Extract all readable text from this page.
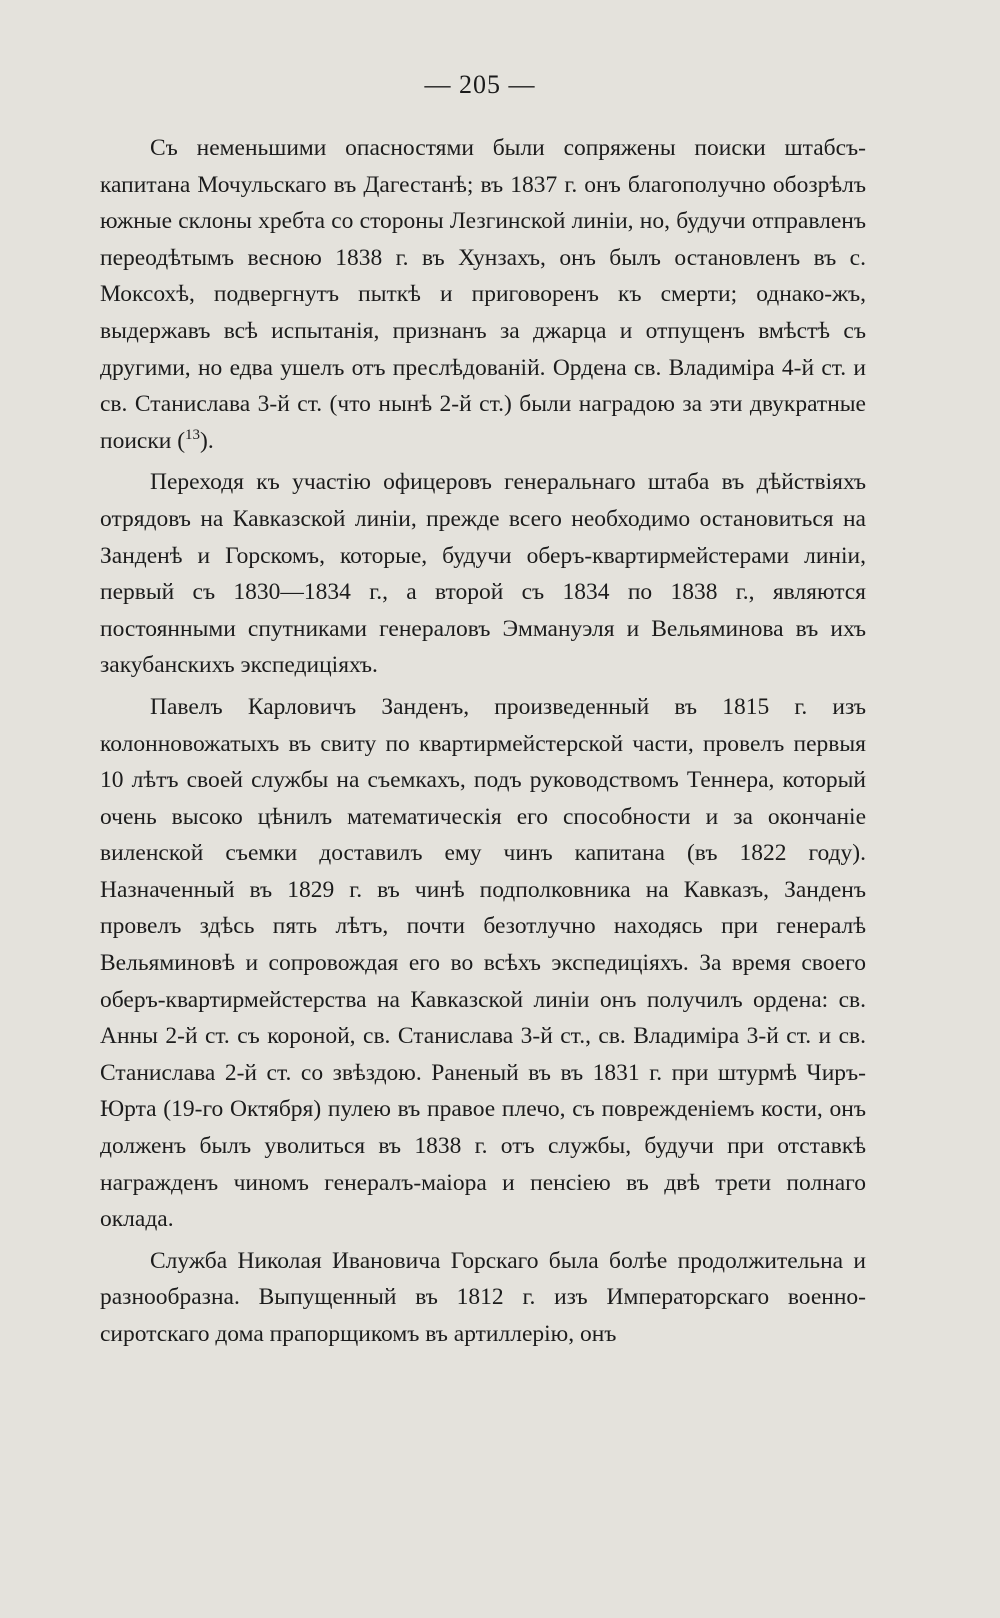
— 205 —

Съ неменьшими опасностями были сопряжены поиски штабсъ-капитана Мочульскаго въ Дагестанѣ; въ 1837 г. онъ благополучно обозрѣлъ южные склоны хребта со стороны Лезгинской линіи, но, будучи отправленъ переодѣтымъ весною 1838 г. въ Хунзахъ, онъ былъ остановленъ въ с. Моксохѣ, подвергнутъ пыткѣ и приговоренъ къ смерти; однако-жъ, выдержавъ всѣ испытанія, признанъ за джарца и отпущенъ вмѣстѣ съ другими, но едва ушелъ отъ преслѣдованій. Ордена св. Владиміра 4-й ст. и св. Станислава 3-й ст. (что нынѣ 2-й ст.) были наградою за эти двукратные поиски ($^{13}$).

Переходя къ участію офицеровъ генеральнаго штаба въ дѣйствіяхъ отрядовъ на Кавказской линіи, прежде всего необходимо остановиться на Занденѣ и Горскомъ, которые, будучи оберъ-квартирмейстерами линіи, первый съ 1830—1834 г., а второй съ 1834 по 1838 г., являются постоянными спутниками генераловъ Эммануэля и Вельяминова въ ихъ закубанскихъ экспедиціяхъ.

Павелъ Карловичъ Занденъ, произведенный въ 1815 г. изъ колонновожатыхъ въ свиту по квартирмейстерской части, провелъ первыя 10 лѣтъ своей службы на съемкахъ, подъ руководствомъ Теннера, который очень высоко цѣнилъ математическія его способности и за окончаніе виленской съемки доставилъ ему чинъ капитана (въ 1822 году). Назначенный въ 1829 г. въ чинѣ подполковника на Кавказъ, Занденъ провелъ здѣсь пять лѣтъ, почти безотлучно находясь при генералѣ Вельяминовѣ и сопровождая его во всѣхъ экспедиціяхъ. За время своего оберъ-квартирмейстерства на Кавказской линіи онъ получилъ ордена: св. Анны 2-й ст. съ короной, св. Станислава 3-й ст., св. Владиміра 3-й ст. и св. Станислава 2-й ст. со звѣздою. Раненый въ въ 1831 г. при штурмѣ Чиръ-Юрта (19-го Октября) пулею въ правое плечо, съ поврежденіемъ кости, онъ долженъ былъ уволиться въ 1838 г. отъ службы, будучи при отставкѣ награжденъ чиномъ генералъ-маіора и пенсіею въ двѣ трети полнаго оклада.

Служба Николая Ивановича Горскаго была болѣе продолжительна и разнообразна. Выпущенный въ 1812 г. изъ Императорскаго военно-сиротскаго дома прапорщикомъ въ артиллерію, онъ
